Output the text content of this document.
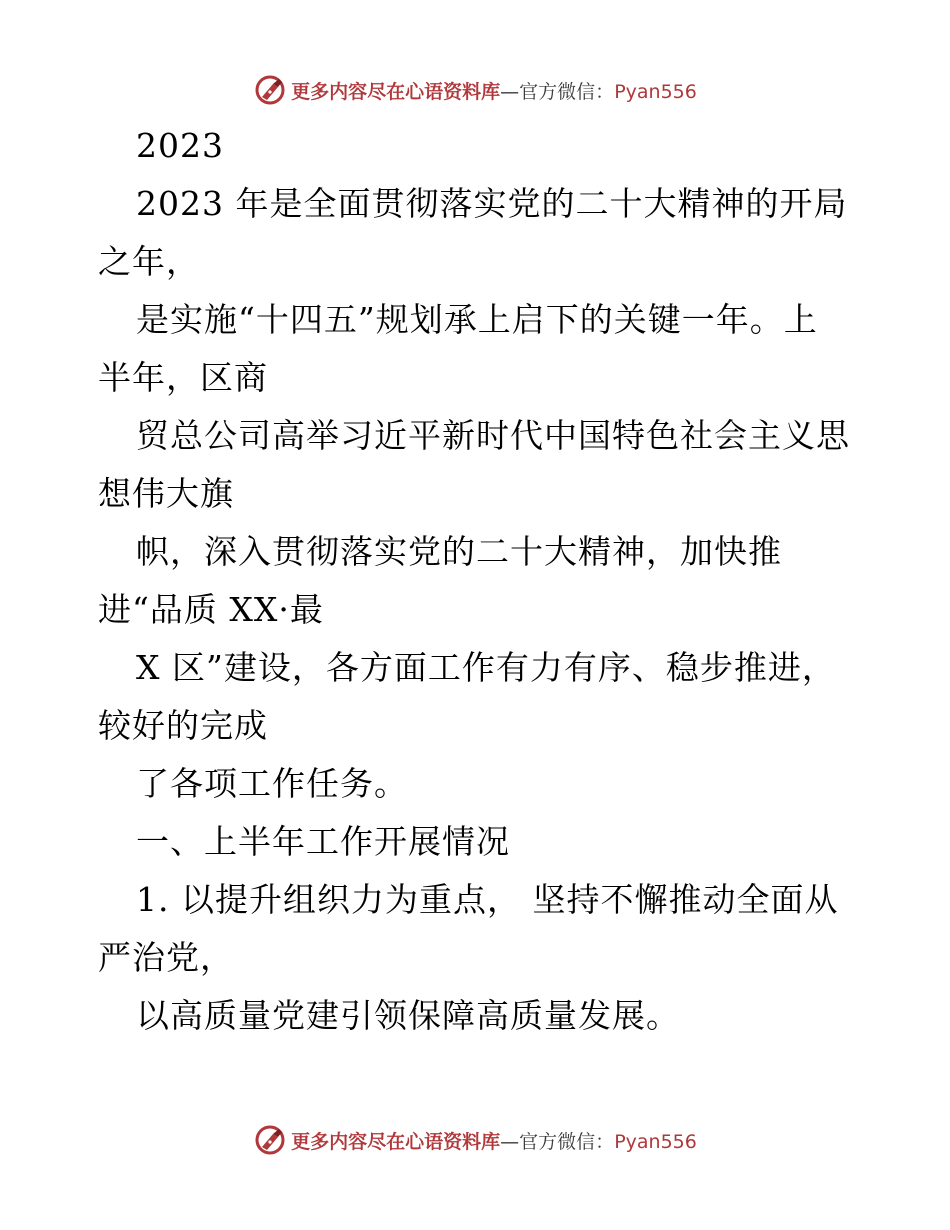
更多内容尽在心语资料库—官方微信：Pyan556
2023
2023 年是全面贯彻落实党的二十大精神的开局
之年，
是实施“十四五”规划承上启下的关键一年。上
半年，区商
贸总公司高举习近平新时代中国特色社会主义思
想伟大旗
帜，深入贯彻落实党的二十大精神，加快推
进“品质 XX·最
X 区”建设，各方面工作有力有序、稳步推进，
较好的完成
了各项工作任务。
一、上半年工作开展情况
1. 以提升组织力为重点， 坚持不懈推动全面从
严治党，
以高质量党建引领保障高质量发展。
更多内容尽在心语资料库—官方微信：Pyan556
